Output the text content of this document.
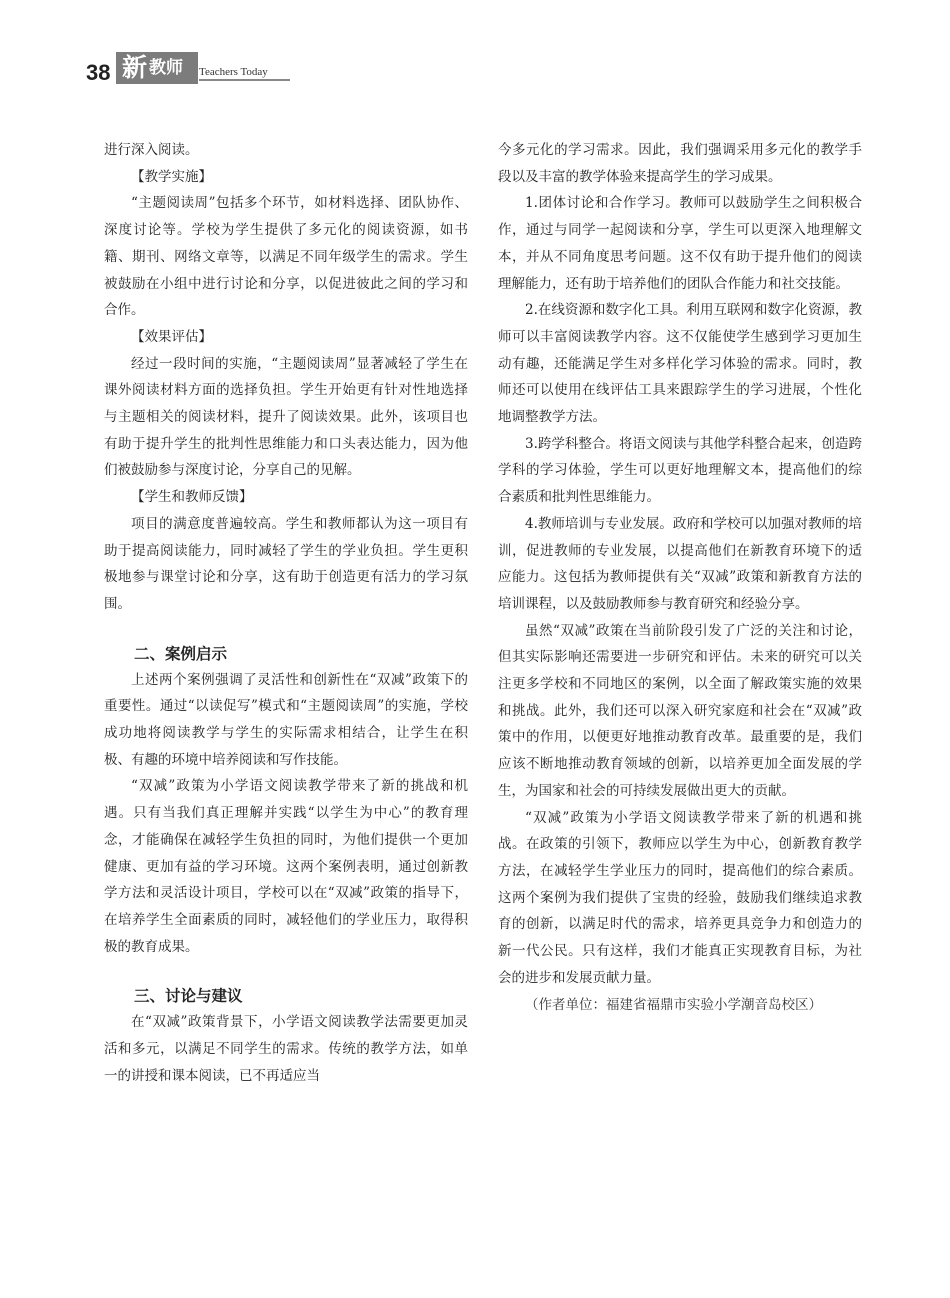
38 新 教师 Teachers Today

进行深入阅读。

【教学实施】

“主题阅读周”包括多个环节，如材料选择、团队协作、深度讨论等。学校为学生提供了多元化的阅读资源，如书籍、期刊、网络文章等，以满足不同年级学生的需求。学生被鼓励在小组中进行讨论和分享，以促进彼此之间的学习和合作。

【效果评估】

经过一段时间的实施，“主题阅读周”显著减轻了学生在课外阅读材料方面的选择负担。学生开始更有针对性地选择与主题相关的阅读材料，提升了阅读效果。此外，该项目也有助于提升学生的批判性思维能力和口头表达能力，因为他们被鼓励参与深度讨论，分享自己的见解。

【学生和教师反馈】

项目的满意度普遍较高。学生和教师都认为这一项目有助于提高阅读能力，同时减轻了学生的学业负担。学生更积极地参与课堂讨论和分享，这有助于创造更有活力的学习氛围。

二、案例启示

上述两个案例强调了灵活性和创新性在“双减”政策下的重要性。通过“以读促写”模式和“主题阅读周”的实施，学校成功地将阅读教学与学生的实际需求相结合，让学生在积极、有趣的环境中培养阅读和写作技能。

“双减”政策为小学语文阅读教学带来了新的挑战和机遇。只有当我们真正理解并实践“以学生为中心”的教育理念，才能确保在减轻学生负担的同时，为他们提供一个更加健康、更加有益的学习环境。这两个案例表明，通过创新教学方法和灵活设计项目，学校可以在“双减”政策的指导下，在培养学生全面素质的同时，减轻他们的学业压力，取得积极的教育成果。

三、讨论与建议

在“双减”政策背景下，小学语文阅读教学法需要更加灵活和多元，以满足不同学生的需求。传统的教学方法，如单一的讲授和课本阅读，已不再适应当

今多元化的学习需求。因此，我们强调采用多元化的教学手段以及丰富的教学体验来提高学生的学习成果。

1.团体讨论和合作学习。教师可以鼓励学生之间积极合作，通过与同学一起阅读和分享，学生可以更深入地理解文本，并从不同角度思考问题。这不仅有助于提升他们的阅读理解能力，还有助于培养他们的团队合作能力和社交技能。

2.在线资源和数字化工具。利用互联网和数字化资源，教师可以丰富阅读教学内容。这不仅能使学生感到学习更加生动有趣，还能满足学生对多样化学习体验的需求。同时，教师还可以使用在线评估工具来跟踪学生的学习进展，个性化地调整教学方法。

3.跨学科整合。将语文阅读与其他学科整合起来，创造跨学科的学习体验，学生可以更好地理解文本，提高他们的综合素质和批判性思维能力。

4.教师培训与专业发展。政府和学校可以加强对教师的培训，促进教师的专业发展，以提高他们在新教育环境下的适应能力。这包括为教师提供有关“双减”政策和新教育方法的培训课程，以及鼓励教师参与教育研究和经验分享。

虽然“双减”政策在当前阶段引发了广泛的关注和讨论，但其实际影响还需要进一步研究和评估。未来的研究可以关注更多学校和不同地区的案例，以全面了解政策实施的效果和挑战。此外，我们还可以深入研究家庭和社会在“双减”政策中的作用，以便更好地推动教育改革。最重要的是，我们应该不断地推动教育领域的创新，以培养更加全面发展的学生，为国家和社会的可持续发展做出更大的贡献。

“双减”政策为小学语文阅读教学带来了新的机遇和挑战。在政策的引领下，教师应以学生为中心，创新教育教学方法，在减轻学生学业压力的同时，提高他们的综合素质。这两个案例为我们提供了宝贵的经验，鼓励我们继续追求教育的创新，以满足时代的需求，培养更具竞争力和创造力的新一代公民。只有这样，我们才能真正实现教育目标，为社会的进步和发展贡献力量。

（作者单位：福建省福鼎市实验小学潮音岛校区）
